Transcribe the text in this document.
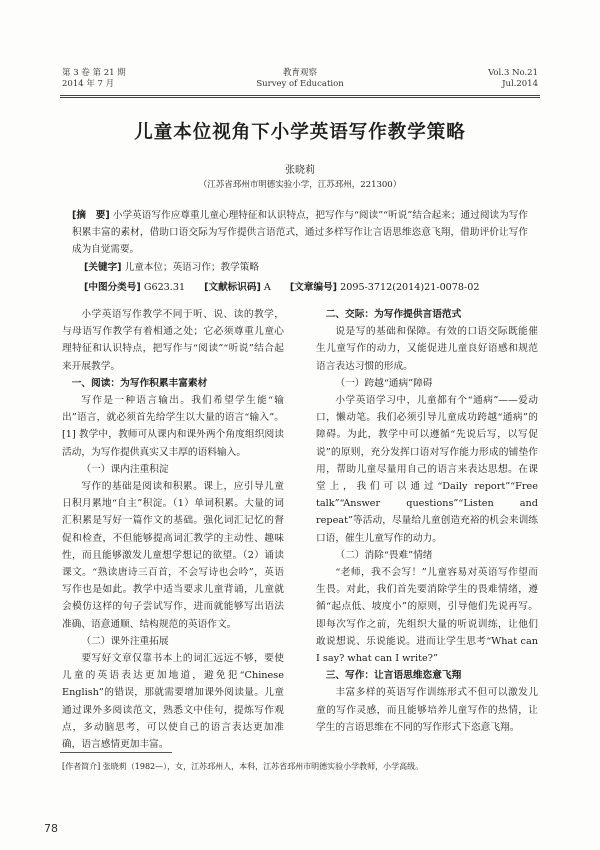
第 3 卷 第 21 期
2014 年 7 月
教育观察
Survey of Education
Vol.3 No.21
Jul.2014
儿童本位视角下小学英语写作教学策略
张晓莉
（江苏省邳州市明德实验小学，江苏邳州，221300）
[摘　要] 小学英语写作应尊重儿童心理特征和认识特点，把写作与“阅读”“听说”结合起来；通过阅读为写作积累丰富的素材，借助口语交际为写作提供言语范式，通过多样写作让言语思维恣意飞翔，借助评价让写作成为自觉需要。
[关键字] 儿童本位；英语习作；教学策略
[中图分类号] G623.31 [文献标识码] A [文章编号] 2095-3712(2014)21-0078-02

小学英语写作教学不同于听、说、读的教学，与母语写作教学有着相通之处；它必须尊重儿童心理特征和认识特点，把写作与“阅读”“听说”结合起来开展教学。

一、阅读：为写作积累丰富素材

写作是一种语言输出。我们希望学生能“输出”语言，就必须首先给学生以大量的语言“输入”。[1] 教学中，教师可从课内和课外两个角度组织阅读活动，为写作提供真实又丰厚的语料输入。

（一）课内注重积淀

写作的基础是阅读和积累。课上，应引导儿童日积月累地“自主”积淀。（1）单词积累。大量的词汇积累是写好一篇作文的基础。强化词汇记忆的督促和检查，不但能够提高词汇教学的主动性、趣味性，而且能够激发儿童想学想记的欲望。（2）诵读课文。“熟读唐诗三百首，不会写诗也会吟”，英语写作也是如此。教学中适当要求儿童背诵，儿童就会模仿这样的句子尝试写作，进而就能够写出语法准确、语意通顺、结构规范的英语作文。

（二）课外注重拓展

要写好文章仅靠书本上的词汇远远不够，要使儿童的英语表达更加地道，避免犯“Chinese English”的错误，那就需要增加课外阅读量。儿童通过课外多阅读范文，熟悉文中佳句，提炼写作观点，多动脑思考，可以使自己的语言表达更加准确，语言感情更加丰富。

二、交际：为写作提供言语范式

说是写的基础和保障。有效的口语交际既能催生儿童写作的动力，又能促进儿童良好语感和规范语言表达习惯的形成。

（一）跨越“通病”障碍

小学英语学习中，儿童都有个“通病”——爱动口，懒动笔。我们必须引导儿童成功跨越“通病”的障碍。为此，教学中可以遵循“先说后写，以写促说”的原则，充分发挥口语对写作能力形成的铺垫作用，帮助儿童尽量用自己的语言来表达思想。在课堂上，我们可以通过“Daily report”“Free talk”“Answer questions”“Listen and repeat”等活动，尽量给儿童创造充裕的机会来训练口语，催生儿童写作的动力。

（二）消除“畏难”情绪

“老师，我不会写！”儿童容易对英语写作望而生畏。对此，我们首先要消除学生的畏难情绪，遵循“起点低、坡度小”的原则，引导他们先说再写。即每次写作之前，先组织大量的听说训练，让他们敢说想说、乐说能说。进而让学生思考“What can I say? what can I write?”

三、写作：让言语思维恣意飞翔

丰富多样的英语写作训练形式不但可以激发儿童的写作灵感，而且能够培养儿童写作的热情，让学生的言语思维在不同的写作形式下恣意飞翔。

[作者简介] 张晓莉（1982—），女，江苏邳州人，本科，江苏省邳州市明德实验小学教师，小学高级。
78
